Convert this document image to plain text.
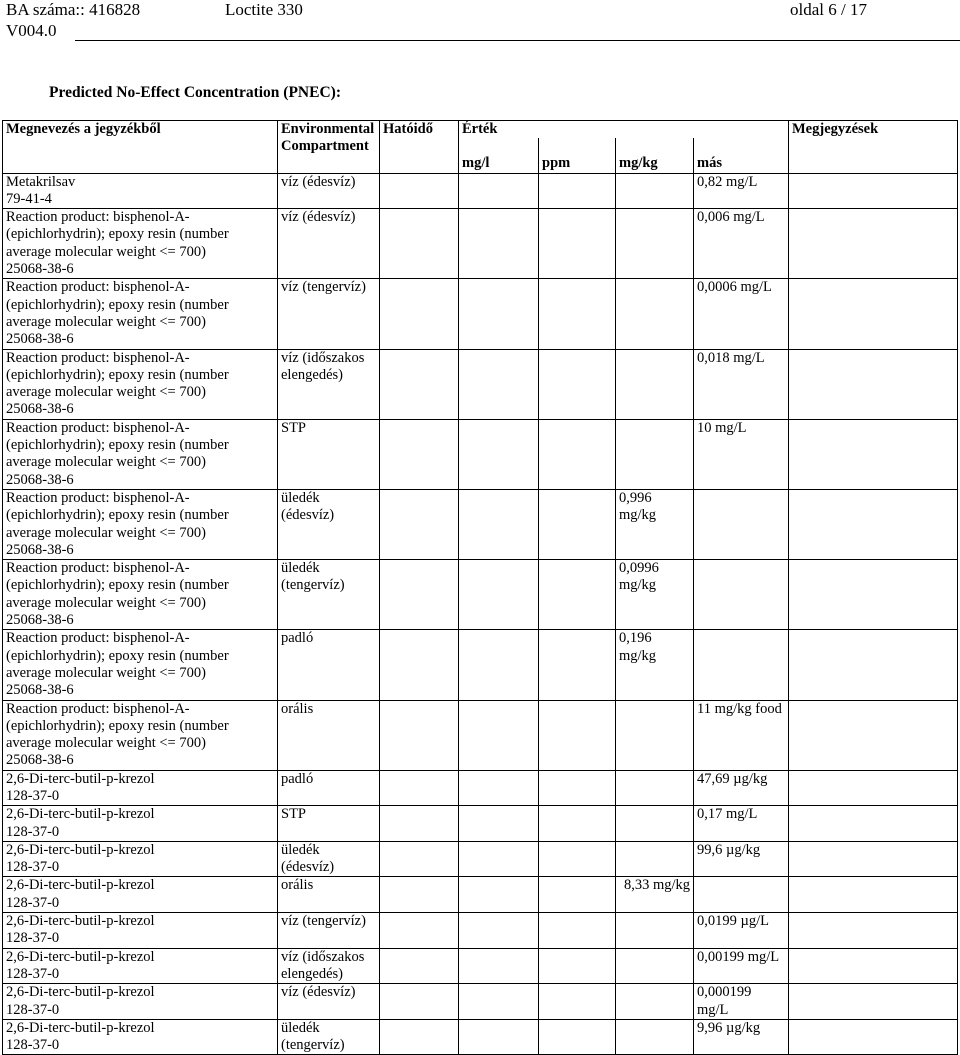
BA száma:: 416828
V004.0
Loctite 330	oldal 6 / 17
Predicted No-Effect Concentration (PNEC):
Megnevezés a jegyzékből	Environmental
Compartment	Hatóidő	Érték				Megjegyzések
			mg/l	ppm	mg/kg	más	
Metakrilsav
79-41-4	víz (édesvíz)					0,82 mg/L	
Reaction product: bisphenol-A-(epichlorhydrin); epoxy resin (number average molecular weight <= 700)
25068-38-6	víz (édesvíz)					0,006 mg/L	
Reaction product: bisphenol-A-(epichlorhydrin); epoxy resin (number average molecular weight <= 700)
25068-38-6	víz (tengervíz)					0,0006 mg/L	
Reaction product: bisphenol-A-(epichlorhydrin); epoxy resin (number average molecular weight <= 700)
25068-38-6	víz (időszakos elengedés)					0,018 mg/L	
Reaction product: bisphenol-A-(epichlorhydrin); epoxy resin (number average molecular weight <= 700)
25068-38-6	STP					10 mg/L	
Reaction product: bisphenol-A-(epichlorhydrin); epoxy resin (number average molecular weight <= 700)
25068-38-6	üledék (édesvíz)				0,996 mg/kg		
Reaction product: bisphenol-A-(epichlorhydrin); epoxy resin (number average molecular weight <= 700)
25068-38-6	üledék (tengervíz)				0,0996 mg/kg		
Reaction product: bisphenol-A-(epichlorhydrin); epoxy resin (number average molecular weight <= 700)
25068-38-6	padló				0,196 mg/kg		
Reaction product: bisphenol-A-(epichlorhydrin); epoxy resin (number average molecular weight <= 700)
25068-38-6	orális					11 mg/kg food	
2,6-Di-terc-butil-p-krezol
128-37-0	padló					47,69 µg/kg	
2,6-Di-terc-butil-p-krezol
128-37-0	STP					0,17 mg/L	
2,6-Di-terc-butil-p-krezol
128-37-0	üledék (édesvíz)					99,6 µg/kg	
2,6-Di-terc-butil-p-krezol
128-37-0	orális				8,33 mg/kg		
2,6-Di-terc-butil-p-krezol
128-37-0	víz (tengervíz)					0,0199 µg/L	
2,6-Di-terc-butil-p-krezol
128-37-0	víz (időszakos elengedés)					0,00199 mg/L	
2,6-Di-terc-butil-p-krezol
128-37-0	víz (édesvíz)					0,000199 mg/L	
2,6-Di-terc-butil-p-krezol
128-37-0	üledék (tengervíz)					9,96 µg/kg	
